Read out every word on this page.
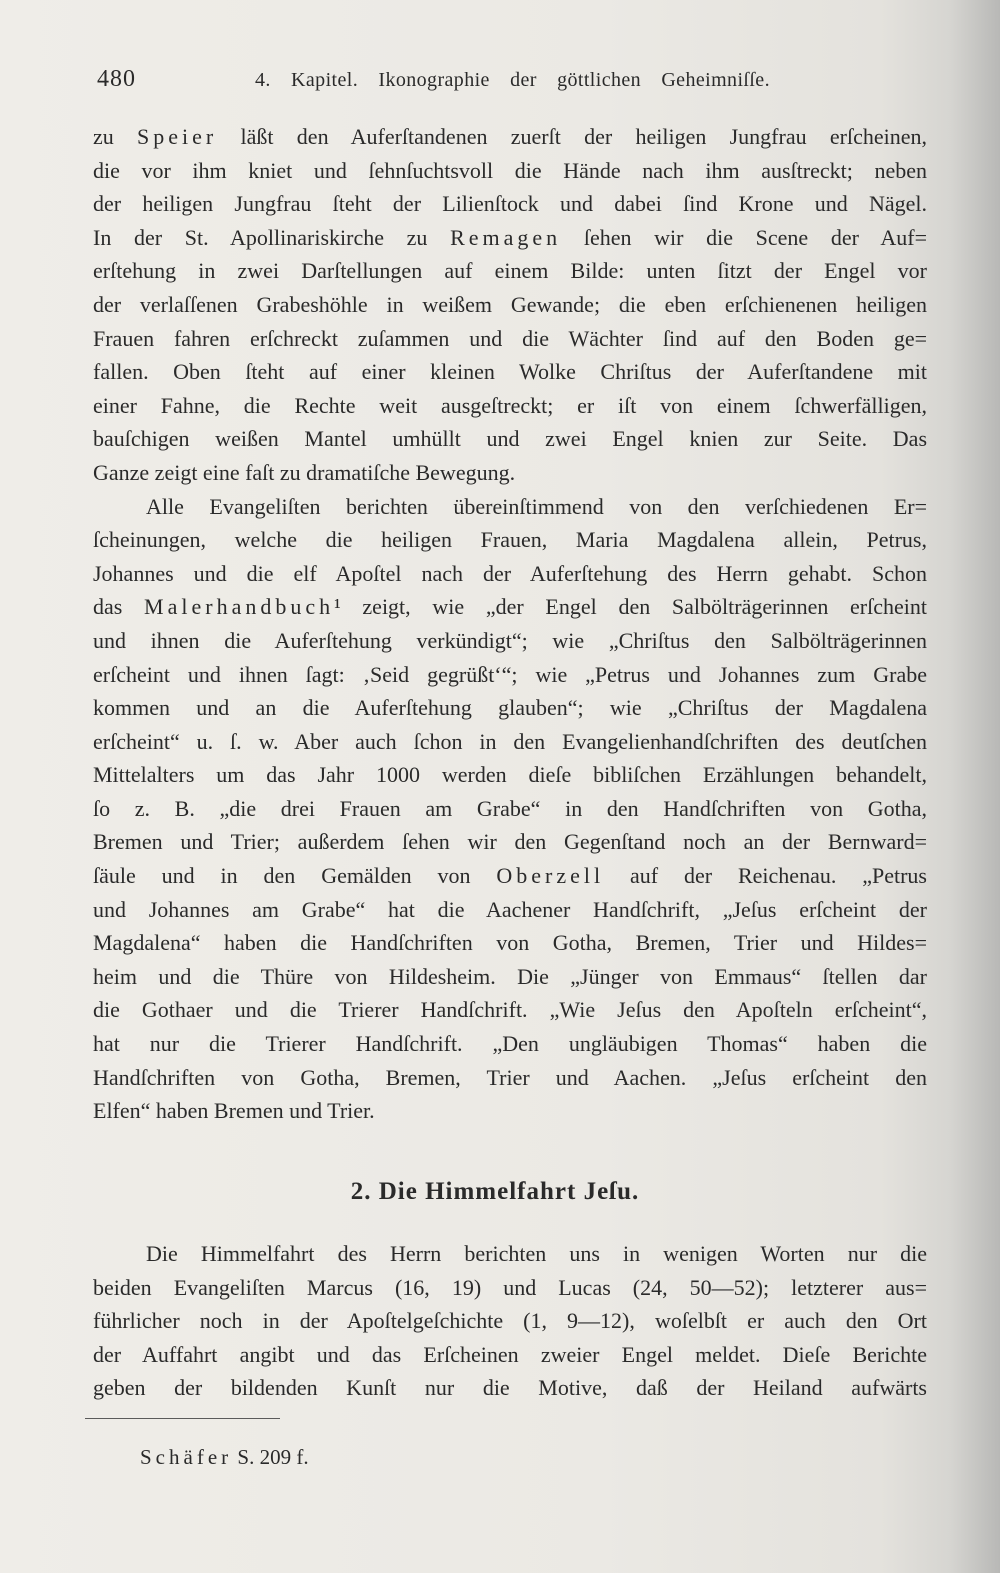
480	4. Kapitel. Ikonographie der göttlichen Geheimniſſe.
zu Speier läßt den Auferſtandenen zuerſt der heiligen Jungfrau erſcheinen,
die vor ihm kniet und ſehnſuchtsvoll die Hände nach ihm ausſtreckt; neben
der heiligen Jungfrau ſteht der Lilienſtock und dabei ſind Krone und Nägel.
In der St. Apollinariskirche zu Remagen ſehen wir die Scene der Auf=
erſtehung in zwei Darſtellungen auf einem Bilde: unten ſitzt der Engel vor
der verlaſſenen Grabeshöhle in weißem Gewande; die eben erſchienenen heiligen
Frauen fahren erſchreckt zuſammen und die Wächter ſind auf den Boden ge=
fallen. Oben ſteht auf einer kleinen Wolke Chriſtus der Auferſtandene mit
einer Fahne, die Rechte weit ausgeſtreckt; er iſt von einem ſchwerfälligen,
bauſchigen weißen Mantel umhüllt und zwei Engel knien zur Seite. Das
Ganze zeigt eine faſt zu dramatiſche Bewegung.
Alle Evangeliſten berichten übereinſtimmend von den verſchiedenen Er=
ſcheinungen, welche die heiligen Frauen, Maria Magdalena allein, Petrus,
Johannes und die elf Apoſtel nach der Auferſtehung des Herrn gehabt. Schon
das Malerhandbuch¹ zeigt, wie „der Engel den Salbölträgerinnen erſcheint
und ihnen die Auferſtehung verkündigt“; wie „Chriſtus den Salbölträgerinnen
erſcheint und ihnen ſagt: ‚Seid gegrüßt‘“; wie „Petrus und Johannes zum Grabe
kommen und an die Auferſtehung glauben“; wie „Chriſtus der Magdalena
erſcheint“ u. ſ. w. Aber auch ſchon in den Evangelienhandſchriften des deutſchen
Mittelalters um das Jahr 1000 werden dieſe bibliſchen Erzählungen behandelt,
ſo z. B. „die drei Frauen am Grabe“ in den Handſchriften von Gotha,
Bremen und Trier; außerdem ſehen wir den Gegenſtand noch an der Bernward=
ſäule und in den Gemälden von Oberzell auf der Reichenau. „Petrus
und Johannes am Grabe“ hat die Aachener Handſchrift, „Jeſus erſcheint der
Magdalena“ haben die Handſchriften von Gotha, Bremen, Trier und Hildes=
heim und die Thüre von Hildesheim. Die „Jünger von Emmaus“ ſtellen dar
die Gothaer und die Trierer Handſchrift. „Wie Jeſus den Apoſteln erſcheint“,
hat nur die Trierer Handſchrift. „Den ungläubigen Thomas“ haben die
Handſchriften von Gotha, Bremen, Trier und Aachen. „Jeſus erſcheint den
Elfen“ haben Bremen und Trier.
2. Die Himmelfahrt Jeſu.
Die Himmelfahrt des Herrn berichten uns in wenigen Worten nur die
beiden Evangeliſten Marcus (16, 19) und Lucas (24, 50—52); letzterer aus=
führlicher noch in der Apoſtelgeſchichte (1, 9—12), woſelbſt er auch den Ort
der Auffahrt angibt und das Erſcheinen zweier Engel meldet. Dieſe Berichte
geben der bildenden Kunſt nur die Motive, daß der Heiland aufwärts
Schäfer S. 209 f.
